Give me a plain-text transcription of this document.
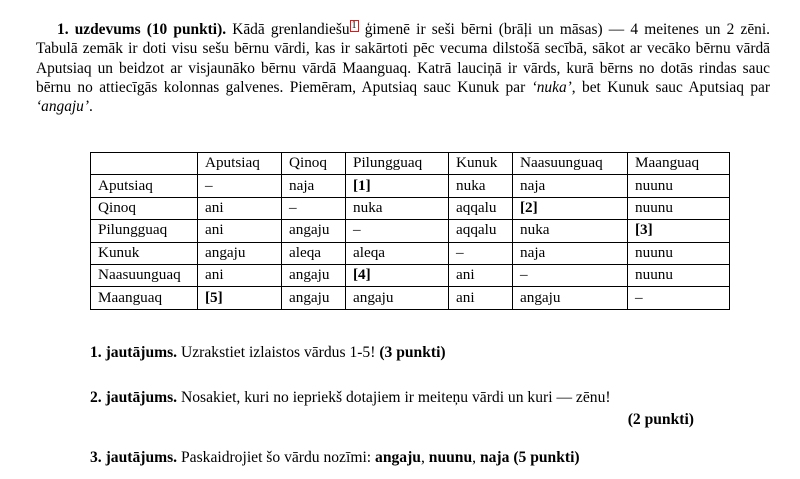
1. uzdevums (10 punkti). Kādā grenlandiešu $^1$ ģimenē ir seši bērni (brāļi un māsas) — 4 meitenes un 2 zēni. Tabulā zemāk ir doti visu sešu bērnu vārdi, kas ir sakārtoti pēc vecuma dilstošā secībā, sākot ar vecāko bērnu vārdā Aputsiaq un beidzot ar visjaunāko bērnu vārdā Maanguaq. Katrā lauciņā ir vārds, kurā bērns no dotās rindas sauc bērnu no attiecīgās kolonnas galvenes. Piemēram, Aputsiaq sauc Kunuk par ‘nuka’, bet Kunuk sauc Aputsiaq par ‘angaju’.

	Aputsiaq	Qinoq	Pilungguaq	Kunuk	Naasuunguaq	Maanguaq
Aputsiaq	–	naja	[1]	nuka	naja	nuunu
Qinoq	ani	–	nuka	aqqalu	[2]	nuunu
Pilungguaq	ani	angaju	–	aqqalu	nuka	[3]
Kunuk	angaju	aleqa	aleqa	–	naja	nuunu
Naasuunguaq	ani	angaju	[4]	ani	–	nuunu
Maanguaq	[5]	angaju	angaju	ani	angaju	–
1. jautājums. Uzrakstiet izlaistos vārdus 1-5! (3 punkti)
2. jautājums. Nosakiet, kuri no iepriekš dotajiem ir meiteņu vārdi un kuri — zēnu!
(2 punkti)
3. jautājums. Paskaidrojiet šo vārdu nozīmi: angaju, nuunu, naja (5 punkti)
